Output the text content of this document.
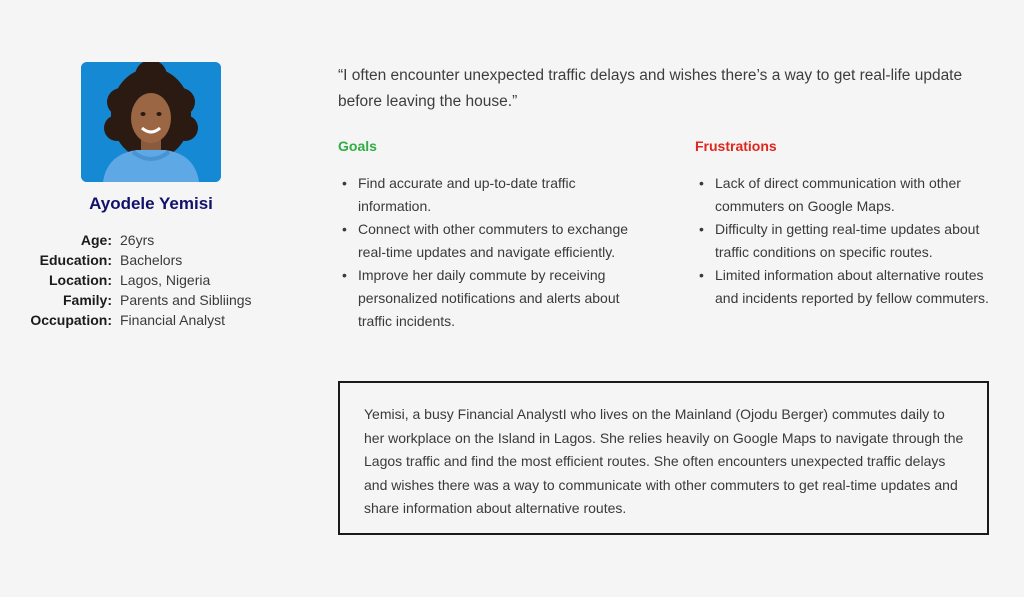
Ayodele Yemisi
Age: 26yrs
Education: Bachelors
Location: Lagos, Nigeria
Family: Parents and Sibliings
Occupation: Financial Analyst
“I often encounter unexpected traffic delays and wishes there’s a way to get real-life update before leaving the house.”
Goals
• Find accurate and up-to-date traffic information.
• Connect with other commuters to exchange real-time updates and navigate efficiently.
• Improve her daily commute by receiving personalized notifications and alerts about traffic incidents.
Frustrations
• Lack of direct communication with other commuters on Google Maps.
• Difficulty in getting real-time updates about traffic conditions on specific routes.
• Limited information about alternative routes and incidents reported by fellow commuters.
Yemisi, a busy Financial AnalystI who lives on the Mainland (Ojodu Berger) commutes daily to her workplace on the Island in Lagos. She relies heavily on Google Maps to navigate through the Lagos traffic and find the most efficient routes. She often encounters unexpected traffic delays and wishes there was a way to communicate with other commuters to get real-time updates and share information about alternative routes.
